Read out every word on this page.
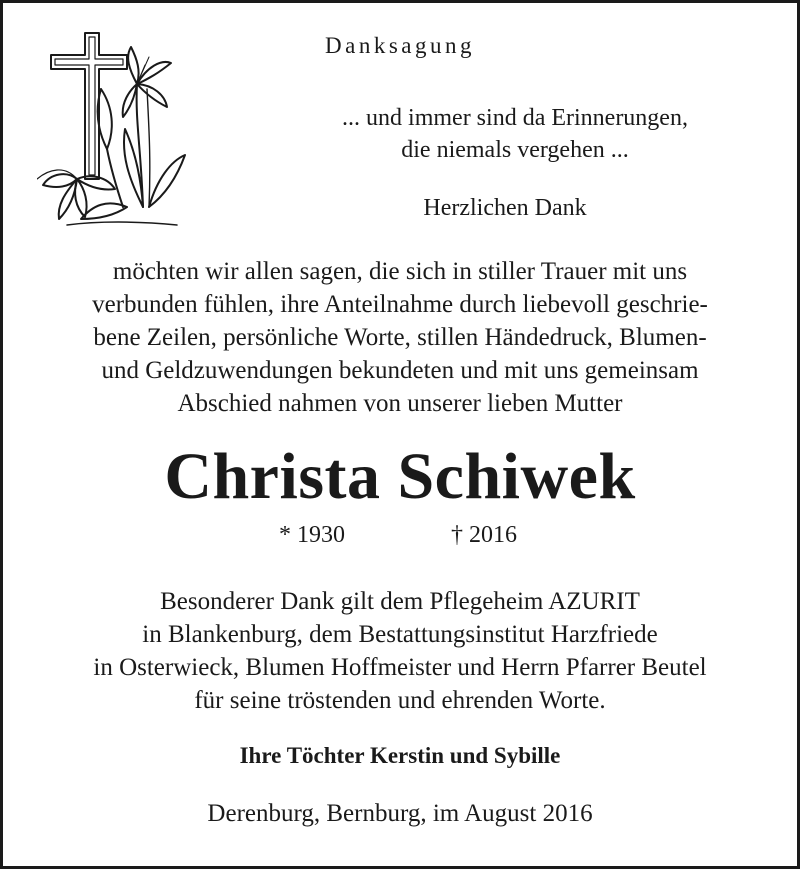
Danksagung
... und immer sind da Erinnerungen,
die niemals vergehen ...
Herzlichen Dank
möchten wir allen sagen, die sich in stiller Trauer mit uns
verbunden fühlen, ihre Anteilnahme durch liebevoll geschrie-
bene Zeilen, persönliche Worte, stillen Händedruck, Blumen-
und Geldzuwendungen bekundeten und mit uns gemeinsam
Abschied nahmen von unserer lieben Mutter
Christa Schiwek
* 1930	† 2016
Besonderer Dank gilt dem Pflegeheim AZURIT
in Blankenburg, dem Bestattungsinstitut Harzfriede
in Osterwieck, Blumen Hoffmeister und Herrn Pfarrer Beutel
für seine tröstenden und ehrenden Worte.
Ihre Töchter Kerstin und Sybille
Derenburg, Bernburg, im August 2016
